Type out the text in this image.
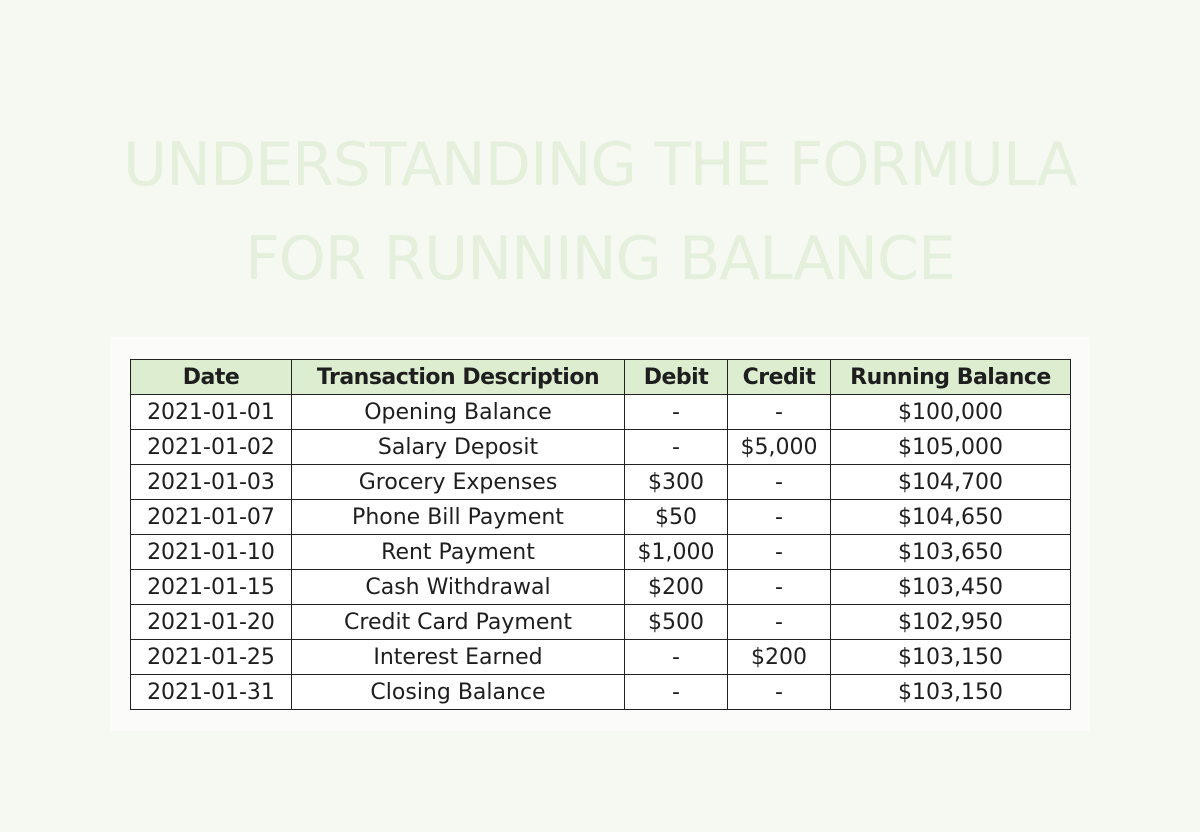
UNDERSTANDING THE FORMULA
FOR RUNNING BALANCE
Date	Transaction Description	Debit	Credit	Running Balance
2021-01-01	Opening Balance	-	-	$100,000
2021-01-02	Salary Deposit	-	$5,000	$105,000
2021-01-03	Grocery Expenses	$300	-	$104,700
2021-01-07	Phone Bill Payment	$50	-	$104,650
2021-01-10	Rent Payment	$1,000	-	$103,650
2021-01-15	Cash Withdrawal	$200	-	$103,450
2021-01-20	Credit Card Payment	$500	-	$102,950
2021-01-25	Interest Earned	-	$200	$103,150
2021-01-31	Closing Balance	-	-	$103,150
